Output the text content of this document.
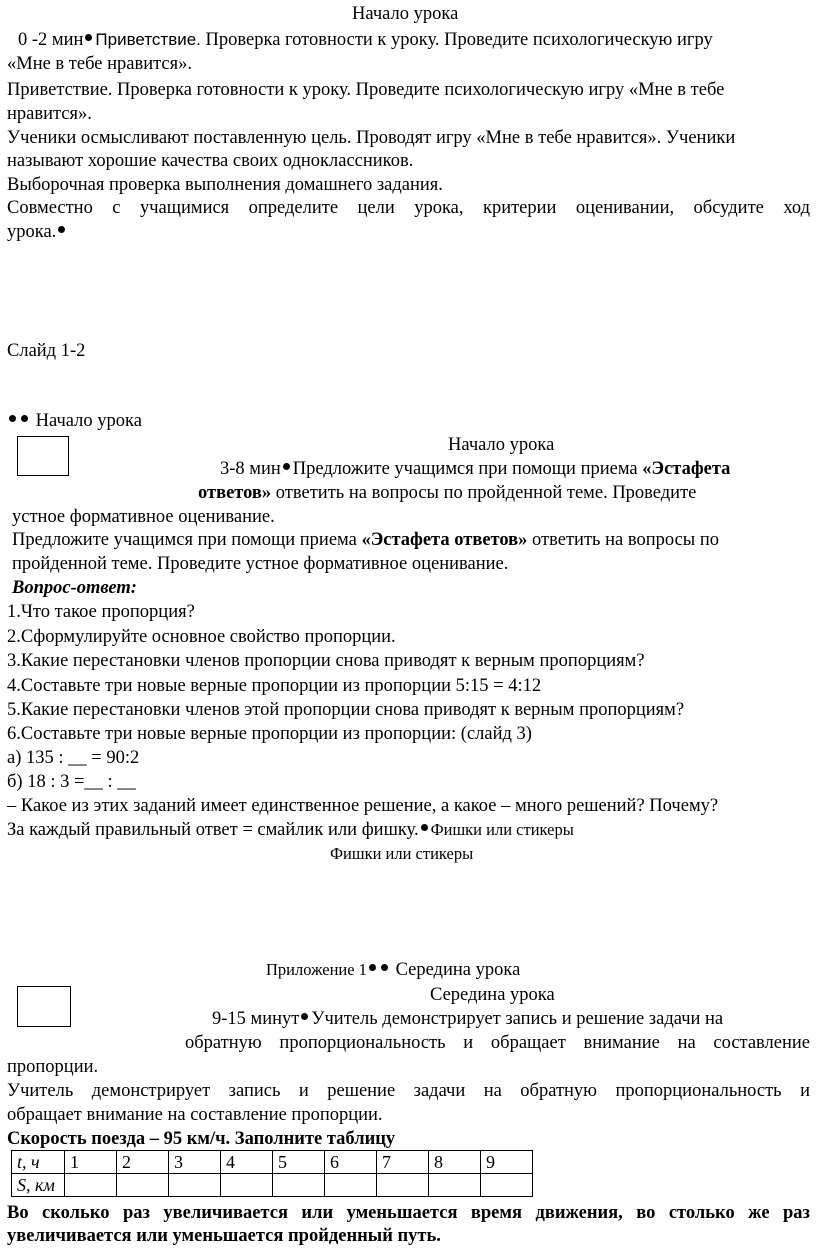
Начало урока
0 -2 мин Приветствие. Проверка готовности к уроку. Проведите психологическую игру
«Мне в тебе нравится».
Приветствие. Проверка готовности к уроку. Проведите психологическую игру «Мне в тебе
нравится».
Ученики осмысливают поставленную цель. Проводят игру «Мне в тебе нравится». Ученики
называют хорошие качества своих одноклассников.
Выборочная проверка выполнения домашнего задания.
Совместно с учащимися определите цели урока, критерии оценивании, обсудите ход
урока.
Слайд 1-2
Начало урока
Начало урока
3-8 мин Предложите учащимся при помощи приема «Эстафета
ответов» ответить на вопросы по пройденной теме. Проведите
устное формативное оценивание.
Предложите учащимся при помощи приема «Эстафета ответов» ответить на вопросы по
пройденной теме. Проведите устное формативное оценивание.
Вопрос-ответ:
1.Что такое пропорция?
2.Сформулируйте основное свойство пропорции.
3.Какие перестановки членов пропорции снова приводят к верным пропорциям?
4.Составьте три новые верные пропорции из пропорции 5:15 = 4:12
5.Какие перестановки членов этой пропорции снова приводят к верным пропорциям?
6.Составьте три новые верные пропорции из пропорции: (слайд 3)
а) 135 : __ = 90:2
б) 18 : 3 =__ : __
– Какое из этих заданий имеет единственное решение, а какое – много решений? Почему?
За каждый правильный ответ = смайлик или фишку. Фишки или стикеры
Фишки или стикеры
Приложение 1 Середина урока
Середина урока
9-15 минут Учитель демонстрирует запись и решение задачи на
обратную пропорциональность и обращает внимание на составление
пропорции.
Учитель демонстрирует запись и решение задачи на обратную пропорциональность и
обращает внимание на составление пропорции.
Скорость поезда – 95 км/ч. Заполните таблицу
t, ч	1	2	3	4	5	6	7	8	9
S, км									
Во сколько раз увеличивается или уменьшается время движения, во столько же раз
увеличивается или уменьшается пройденный путь.
